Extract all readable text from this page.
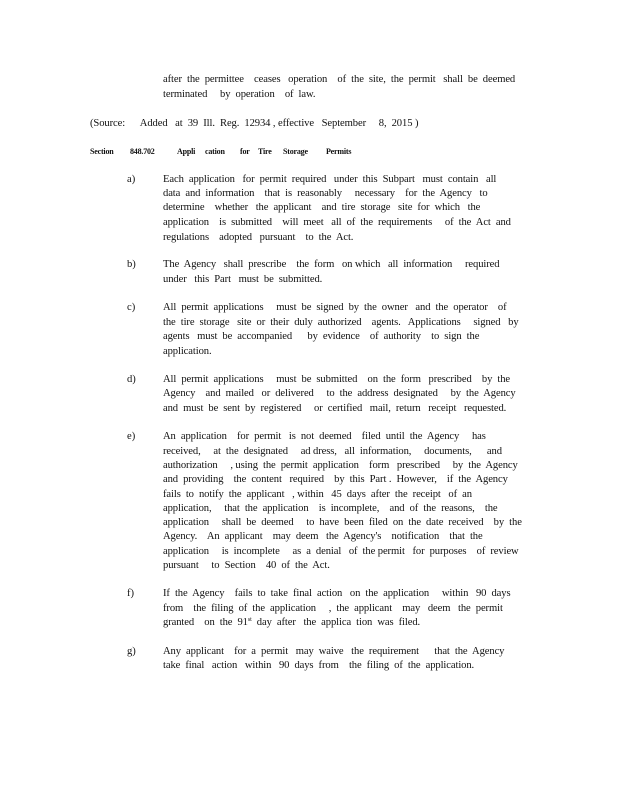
after  the  permittee    ceases   operation    of  the  site,  the  permit   shall  be  deemed
terminated     by  operation    of  law.
(Source:      Added   at  39  Ill.  Reg.  12934 , effective   September     8,  2015 )

Section

848.702

	Appli

cation

for

Tire

Storage

Permits

a)	Each  application   for  permit  required   under  this  Subpart   must  contain   all
data  and  information    that  is  reasonably     necessary    for  the  Agency   to
determine    whether   the  applicant    and  tire  storage   site  for  which   the
application    is  submitted    will  meet   all  of  the  requirements     of  the  Act  and
regulations    adopted   pursuant    to  the  Act.
b)	The  Agency   shall  prescribe    the  form   on which   all  information     required
under   this  Part   must  be  submitted.
c)	All  permit  applications     must  be  signed  by  the  owner   and  the  operator    of
the  tire  storage   site  or  their  duly  authorized    agents.   Applications     signed   by
agents   must  be  accompanied      by  evidence    of  authority    to  sign  the
application.
d)	All  permit  applications     must  be  submitted    on  the  form   prescribed    by  the
Agency    and  mailed   or  delivered     to  the  address  designated     by  the  Agency
and  must  be  sent  by  registered     or  certified   mail,  return   receipt   requested.
e)	An  application    for  permit   is  not  deemed    filed  until  the  Agency     has
received,     at  the  designated     ad dress,   all  information,     documents,      and
authorization     , using  the  permit  application    form   prescribed     by  the  Agency
and  providing    the  content   required    by  this  Part .  However,    if  the  Agency
fails  to  notify  the  applicant   , within   45  days  after  the  receipt   of  an
application,     that  the  application    is  incomplete,    and  of  the  reasons,    the
application     shall  be  deemed     to  have  been  filed  on  the  date  received    by  the
Agency.    An  applicant    may  deem   the  Agency's    notification    that  the
application     is  incomplete     as  a  denial   of  the permit   for  purposes    of  review
pursuant     to  Section    40  of  the  Act.
f)	If  the  Agency    fails  to  take  final  action   on  the  application     within   90  days
from    the  filing  of  the  application     ,  the  applicant    may   deem   the  permit
granted    on  the  91st  day  after   the  applica  tion  was  filed.
g)	Any  applicant    for  a  permit   may  waive   the  requirement      that  the  Agency
take  final   action   within   90  days  from    the  filing  of  the  application.
